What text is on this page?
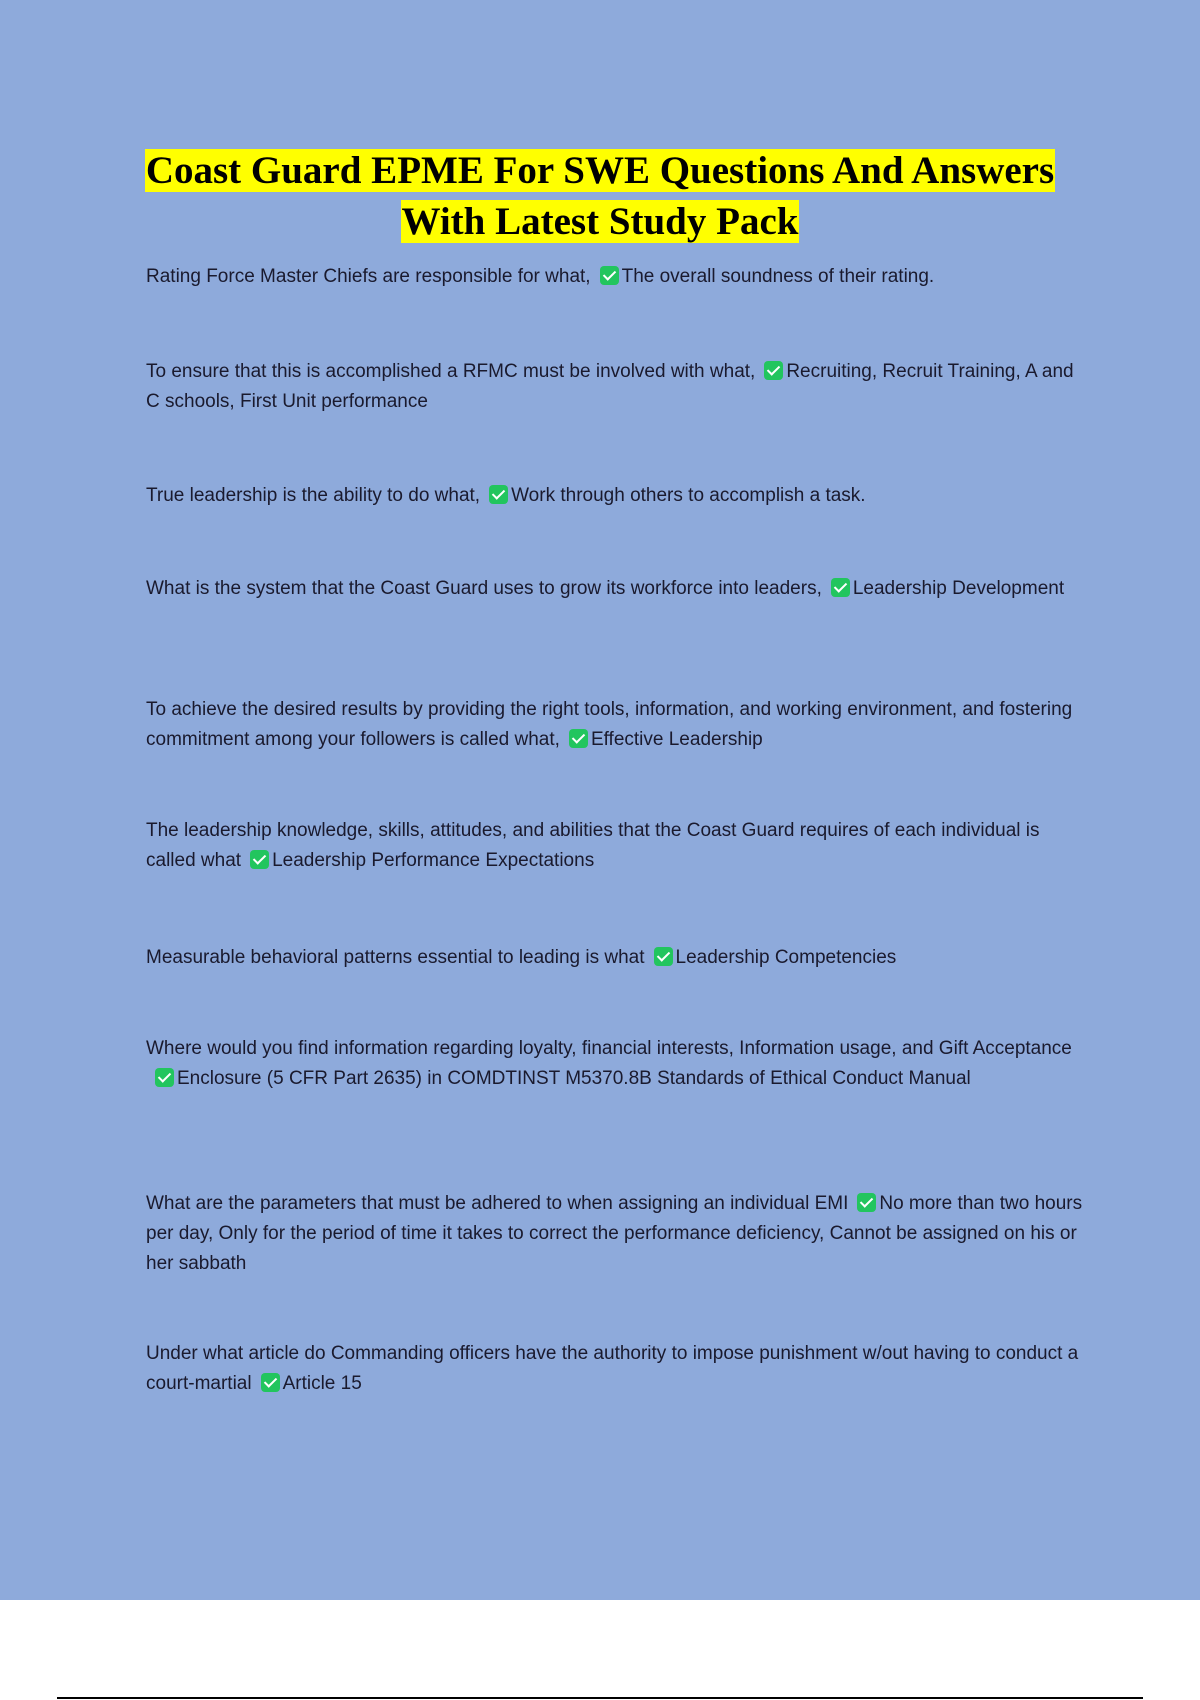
Coast Guard EPME For SWE Questions And Answers
With Latest Study Pack
Rating Force Master Chiefs are responsible for what, The overall soundness of their rating.
To ensure that this is accomplished a RFMC must be involved with what, Recruiting, Recruit Training, A and C schools, First Unit performance
True leadership is the ability to do what, Work through others to accomplish a task.
What is the system that the Coast Guard uses to grow its workforce into leaders, Leadership Development
To achieve the desired results by providing the right tools, information, and working environment, and fostering commitment among your followers is called what, Effective Leadership
The leadership knowledge, skills, attitudes, and abilities that the Coast Guard requires of each individual is called what Leadership Performance Expectations
Measurable behavioral patterns essential to leading is what Leadership Competencies
Where would you find information regarding loyalty, financial interests, Information usage, and Gift AcceptanceEnclosure (5 CFR Part 2635) in COMDTINST M5370.8B Standards of Ethical Conduct Manual
What are the parameters that must be adhered to when assigning an individual EMI No more than two hours per day, Only for the period of time it takes to correct the performance deficiency, Cannot be assigned on his or her sabbath
Under what article do Commanding officers have the authority to impose punishment w/out having to conduct a court-martial Article 15
